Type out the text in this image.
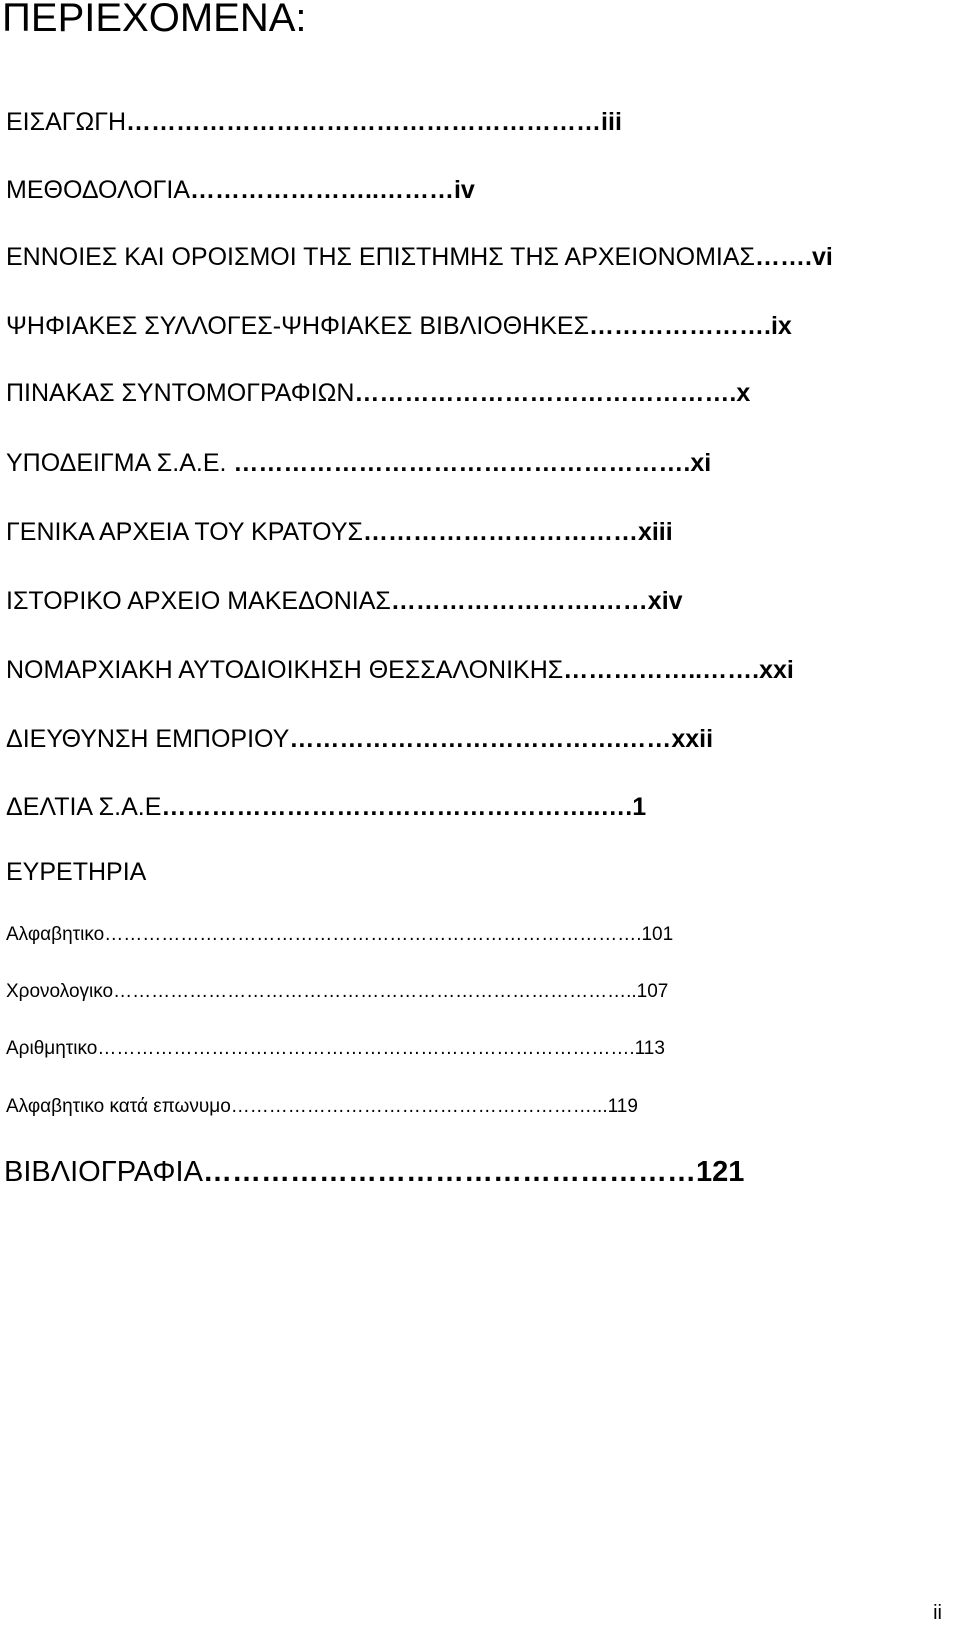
ΠΕΡΙΕΧΟΜΕΝΑ:
ΕΙΣΑΓΩΓΗ…………………………………………………iii
ΜΕΘΟΔΟΛΟΓΙΑ…………………..………iv
ΕΝΝΟΙΕΣ ΚΑΙ ΟΡΟΙΣΜΟΙ ΤΗΣ ΕΠΙΣΤΗΜΗΣ ΤΗΣ ΑΡΧΕΙΟΝΟΜΙΑΣ…….vi
ΨΗΦΙΑΚΕΣ ΣΥΛΛΟΓΕΣ-ΨΗΦΙΑΚΕΣ ΒΙΒΛΙΟΘΗΚΕΣ………………….ix
ΠΙΝΑΚΑΣ ΣΥΝΤΟΜΟΓΡΑΦΙΩΝ……………………………………….x
ΥΠΟΔΕΙΓΜΑ Σ.Α.Ε. ……………………………………………….xi
ΓΕΝΙΚΑ ΑΡΧΕΙΑ ΤΟΥ ΚΡΑΤΟΥΣ……………………………xiii
ΙΣΤΟΡΙΚΟ ΑΡΧΕΙΟ ΜΑΚΕΔΟΝΙΑΣ…………………….……xiv
ΝΟΜΑΡΧΙΑΚΗ ΑΥΤΟΔΙΟΙΚΗΣΗ ΘΕΣΣΑΛΟΝΙΚΗΣ……………..…….xxi
ΔΙΕΥΘΥΝΣΗ ΕΜΠΟΡΙΟΥ………………………………….……xxii
ΔΕΛΤΙΑ Σ.Α.Ε……………………………………………..….1
ΕΥΡΕΤΗΡΙΑ
Αλφαβητικο………………………………………………………………………….101
Χρονολογικο………………………………………………………………………..107
Αριθμητικο………………………………………………………………………….113
Αλφαβητικο κατά επωνυμο…………………………………………………...119
ΒΙΒΛΙΟΓΡΑΦΙΑ……………………………………………121
ii
